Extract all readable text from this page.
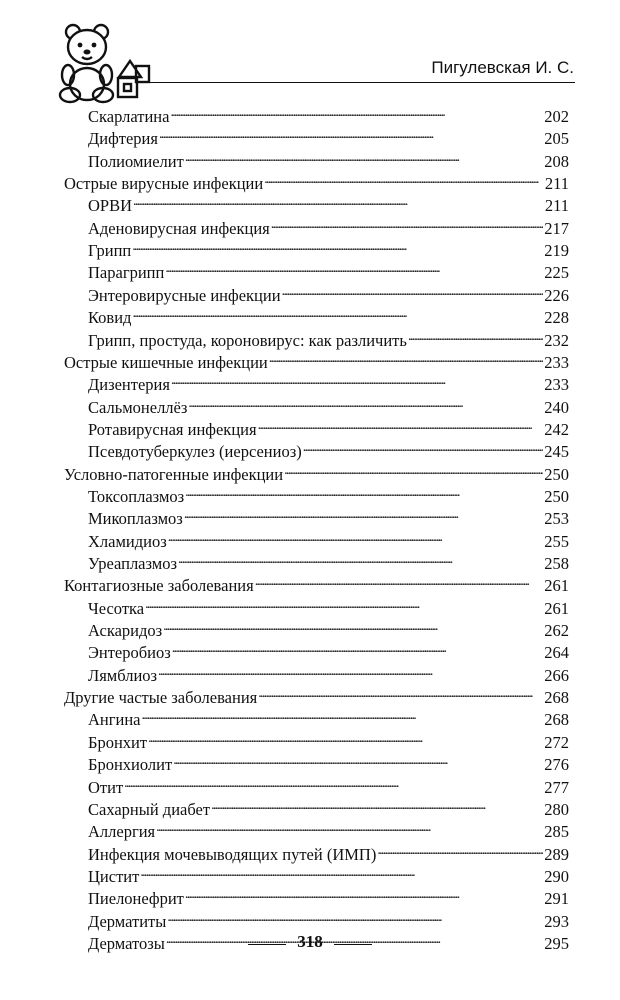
Пигулевская И. С.
Скарлатина . . .	202
Дифтерия . . .	205
Полиомиелит . . .	208
Острые вирусные инфекции . . .	211
ОРВИ . . .	211
Аденовирусная инфекция . . .	217
Грипп . . .	219
Парагрипп . . .	225
Энтеровирусные инфекции . . .	226
Ковид . . .	228
Грипп, простуда, короновирус: как различить . . .	232
Острые кишечные инфекции . . .	233
Дизентерия . . .	233
Сальмонеллёз . . .	240
Ротавирусная инфекция . . .	242
Псевдотуберкулез (иерсениоз) . . .	245
Условно-патогенные инфекции . . .	250
Токсоплазмоз . . .	250
Микоплазмоз . . .	253
Хламидиоз . . .	255
Уреаплазмоз . . .	258
Контагиозные заболевания . . .	261
Чесотка . . .	261
Аскаридоз . . .	262
Энтеробиоз . . .	264
Лямблиоз . . .	266
Другие частые заболевания . . .	268
Ангина . . .	268
Бронхит . . .	272
Бронхиолит . . .	276
Отит . . .	277
Сахарный диабет . . .	280
Аллергия . . .	285
Инфекция мочевыводящих путей (ИМП) . . .	289
Цистит . . .	290
Пиелонефрит . . .	291
Дерматиты . . .	293
Дерматозы . . .	295
318
